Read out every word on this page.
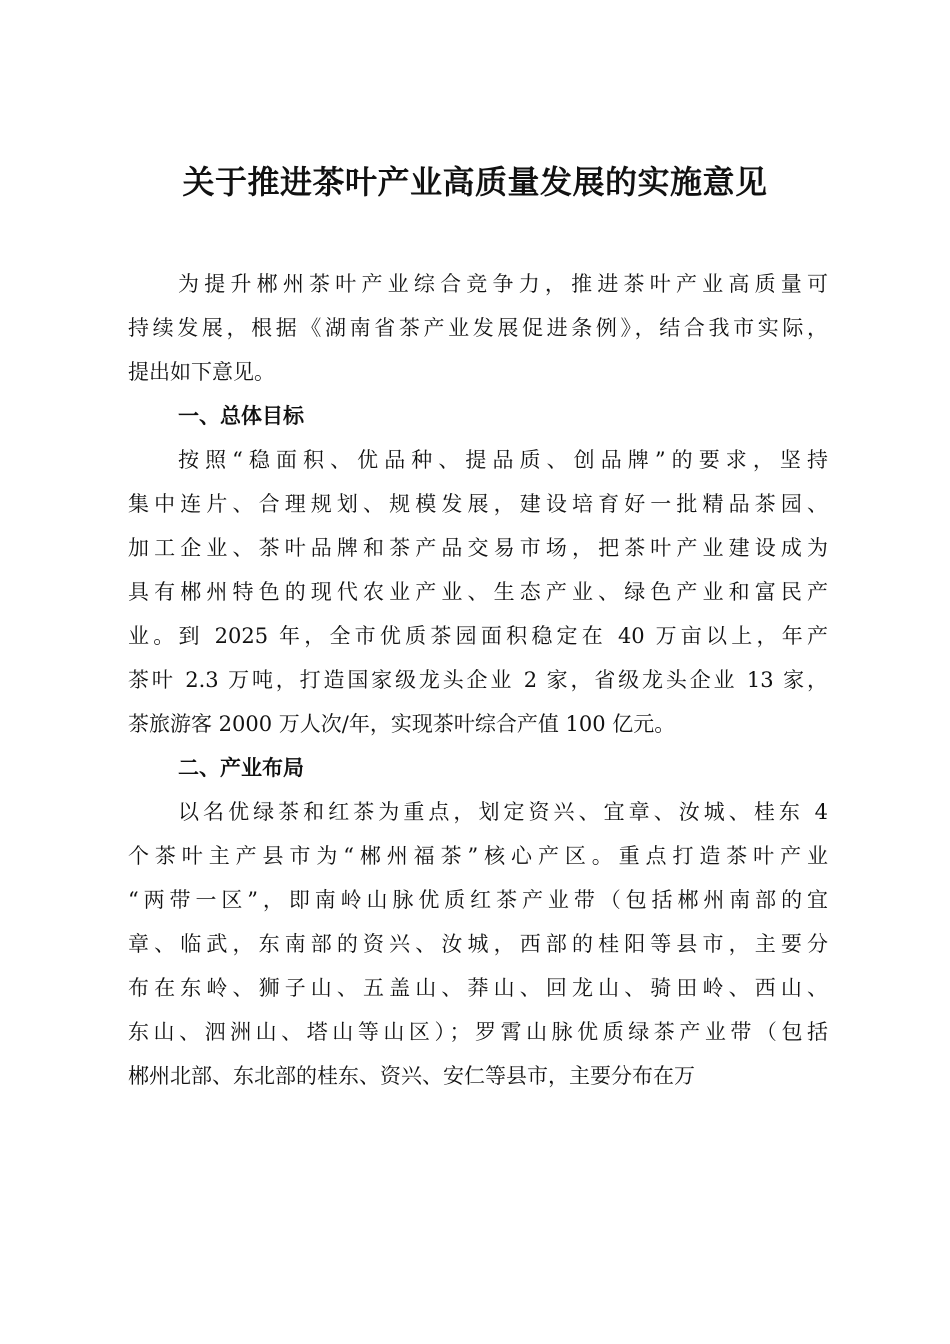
关于推进茶叶产业高质量发展的实施意见
为提升郴州茶叶产业综合竞争力，推进茶叶产业高质量可
持续发展，根据《湖南省茶产业发展促进条例》，结合我市实际，
提出如下意见。
一、总体目标
按照“稳面积、优品种、提品质、创品牌”的要求，坚持
集中连片、合理规划、规模发展，建设培育好一批精品茶园、
加工企业、茶叶品牌和茶产品交易市场，把茶叶产业建设成为
具有郴州特色的现代农业产业、生态产业、绿色产业和富民产
业。到 2025 年，全市优质茶园面积稳定在 40 万亩以上，年产
茶叶 2.3 万吨，打造国家级龙头企业 2 家，省级龙头企业 13 家，
茶旅游客 2000 万人次/年，实现茶叶综合产值 100 亿元。
二、产业布局
以名优绿茶和红茶为重点，划定资兴、宜章、汝城、桂东 4
个茶叶主产县市为“郴州福茶”核心产区。重点打造茶叶产业
“两带一区”，即南岭山脉优质红茶产业带（包括郴州南部的宜
章、临武，东南部的资兴、汝城，西部的桂阳等县市，主要分
布在东岭、狮子山、五盖山、莽山、回龙山、骑田岭、西山、
东山、泗洲山、塔山等山区）；罗霄山脉优质绿茶产业带（包括
郴州北部、东北部的桂东、资兴、安仁等县市，主要分布在万
